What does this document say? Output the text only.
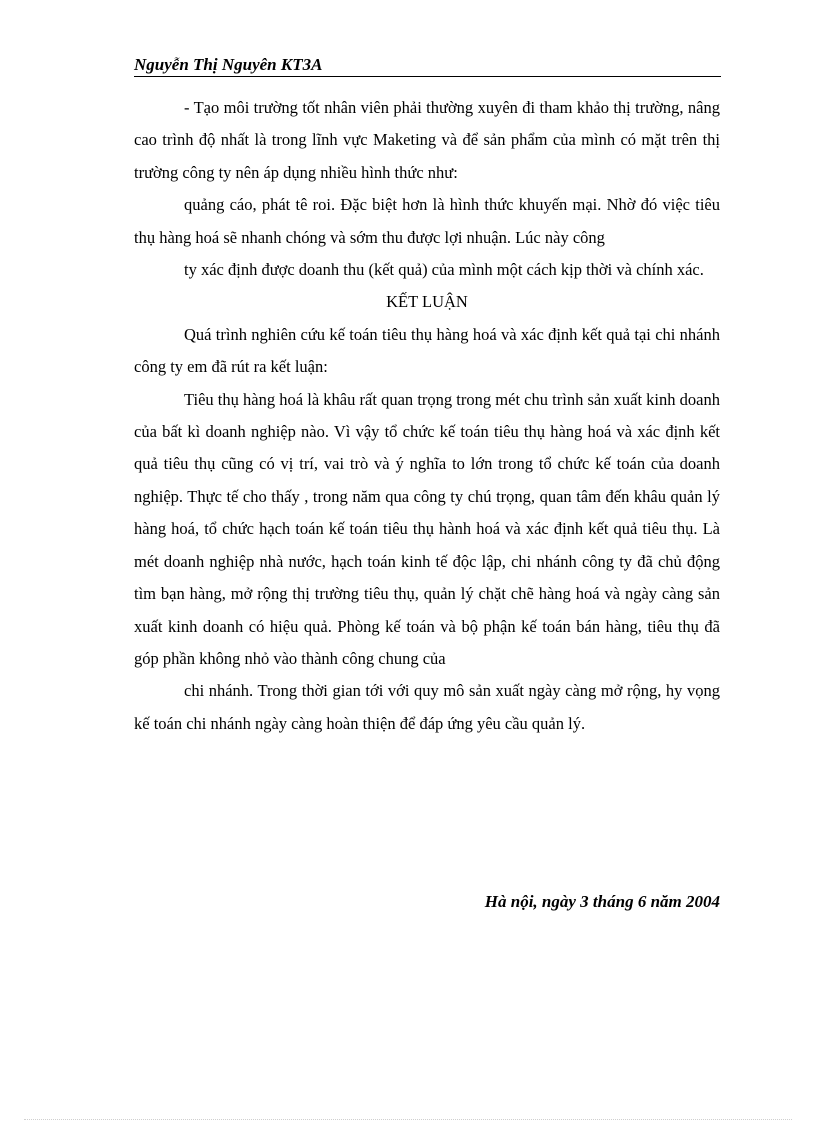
Nguyễn Thị Nguyên KT3A

- Tạo môi trường tốt nhân viên phải thường xuyên đi tham khảo thị trường, nâng cao trình độ nhất là trong lĩnh vực Maketing và để sản phẩm của mình có mặt trên thị trường công ty nên áp dụng nhiều hình thức như:

quảng cáo, phát tê roi. Đặc biệt hơn là hình thức khuyến mại. Nhờ đó việc tiêu thụ hàng hoá sẽ nhanh chóng và sớm thu được lợi nhuận. Lúc này công

ty xác định được doanh thu (kết quả) của mình một cách kịp thời và chính xác.

KẾT LUẬN

Quá trình nghiên cứu kế toán tiêu thụ hàng hoá và xác định kết quả tại chi nhánh công ty em đã rút ra kết luận:

Tiêu thụ hàng hoá là khâu rất quan trọng trong mét chu trình sản xuất kinh doanh của bất kì doanh nghiệp nào. Vì vậy tổ chức kế toán tiêu thụ hàng hoá và xác định kết quả tiêu thụ cũng có vị trí, vai trò và ý nghĩa to lớn trong tổ chức kế toán của doanh nghiệp. Thực tế cho thấy , trong năm qua công ty chú trọng, quan tâm đến khâu quản lý hàng hoá, tổ chức hạch toán kế toán tiêu thụ hành hoá và xác định kết quả tiêu thụ. Là mét doanh nghiệp nhà nước, hạch toán kinh tế độc lập, chi nhánh công ty đã chủ động tìm bạn hàng, mở rộng thị trường tiêu thụ, quản lý chặt chẽ hàng hoá và ngày càng sản xuất kinh doanh có hiệu quả. Phòng kế toán và bộ phận kế toán bán hàng, tiêu thụ đã góp phần không nhỏ vào thành công chung của

chi nhánh. Trong thời gian tới với quy mô sản xuất ngày càng mở rộng, hy vọng kế toán chi nhánh ngày càng hoàn thiện để đáp ứng yêu cầu quản lý.

Hà nội, ngày 3 tháng 6 năm 2004
